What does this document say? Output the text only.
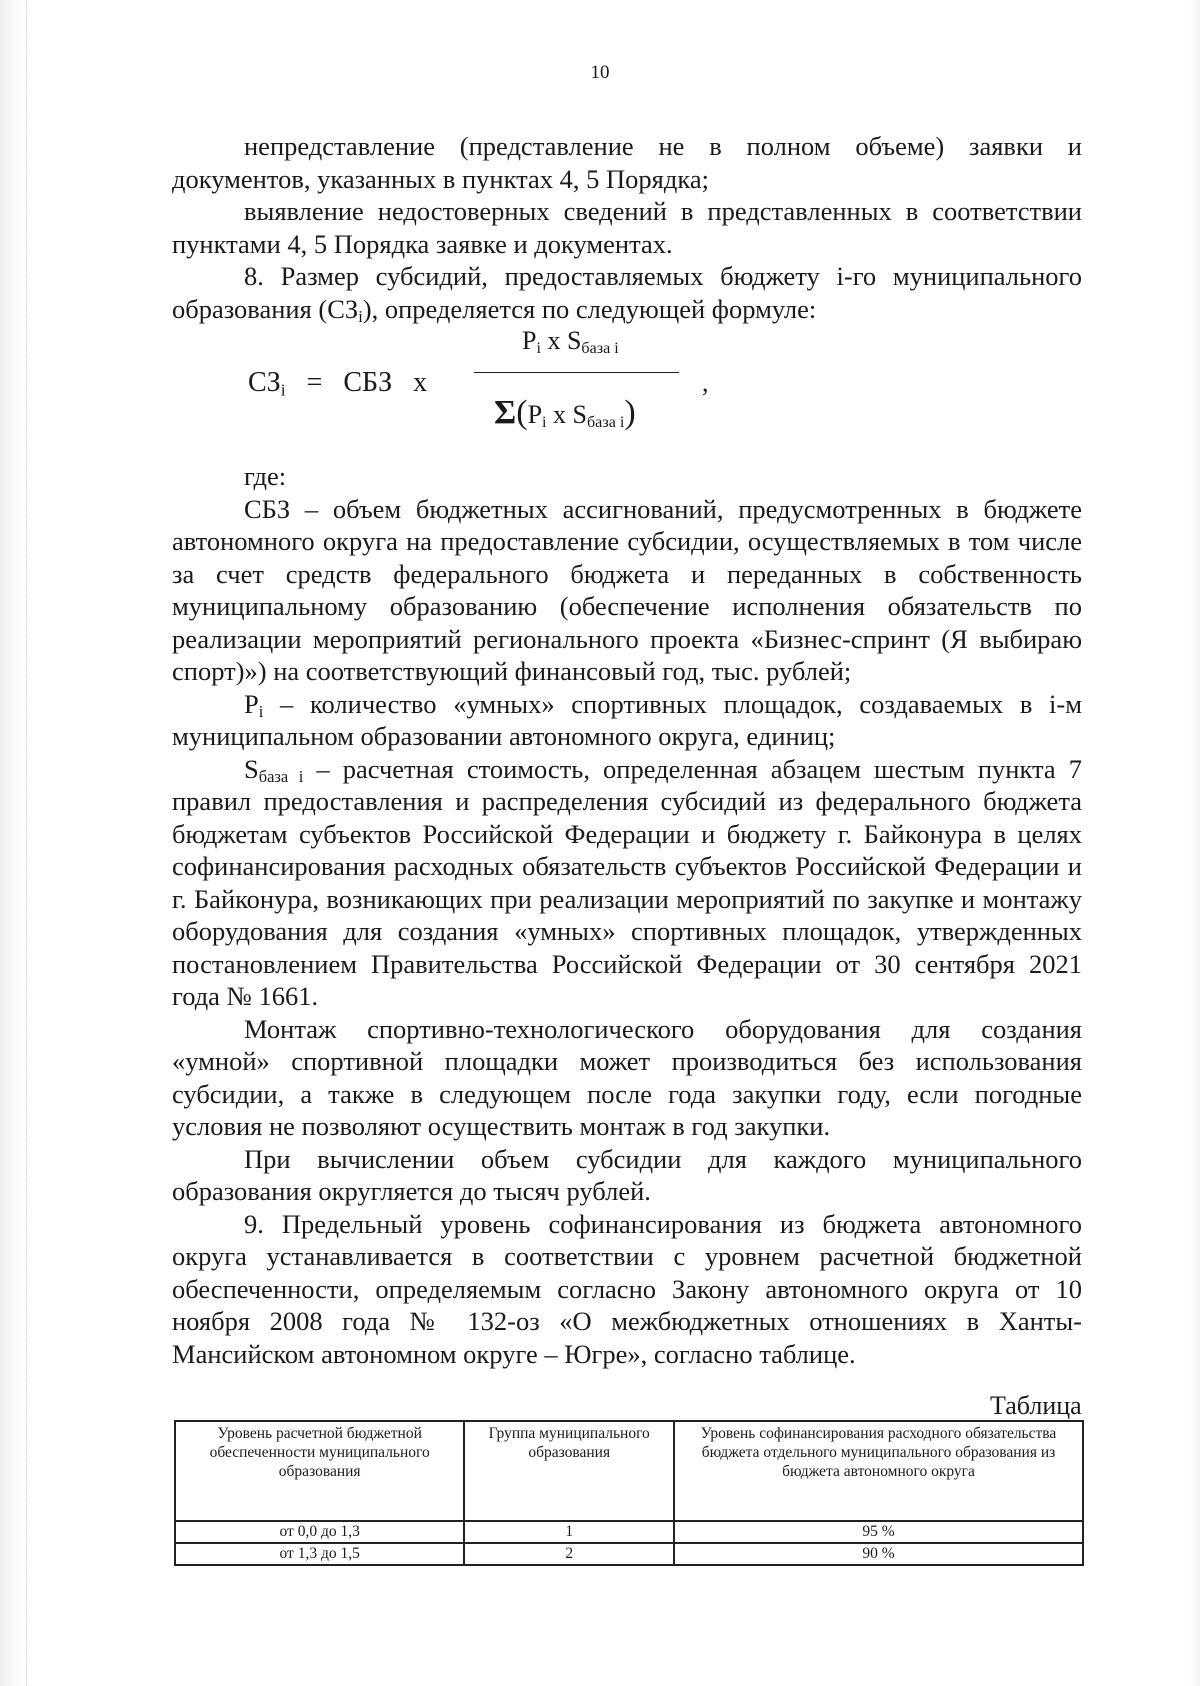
10

непредставление (представление не в полном объеме) заявки и документов, указанных в пунктах 4, 5 Порядка;

выявление недостоверных сведений в представленных в соответствии пунктами 4, 5 Порядка заявке и документах.

8. Размер субсидий, предоставляемых бюджету i-го муниципального образования $(СЗ_i)$, определяется по следующей формуле:

$СЗ_i$ = СБЗ x
$P_i$ x $S_{база i}$
,
$\Sigma(P_i$ x $S_{база i}$)

где:

СБЗ – объем бюджетных ассигнований, предусмотренных в бюджете автономного округа на предоставление субсидии, осуществляемых в том числе за счет средств федерального бюджета и переданных в собственность муниципальному образованию (обеспечение исполнения обязательств по реализации мероприятий регионального проекта «Бизнес-спринт (Я выбираю спорт)») на соответствующий финансовый год, тыс. рублей;

$P_i$ – количество «умных» спортивных площадок, создаваемых в i-м муниципальном образовании автономного округа, единиц;

$S_{база i}$ – расчетная стоимость, определенная абзацем шестым пункта 7 правил предоставления и распределения субсидий из федерального бюджета бюджетам субъектов Российской Федерации и бюджету г. Байконура в целях софинансирования расходных обязательств субъектов Российской Федерации и г. Байконура, возникающих при реализации мероприятий по закупке и монтажу оборудования для создания «умных» спортивных площадок, утвержденных постановлением Правительства Российской Федерации от 30 сентября 2021 года № 1661.

Монтаж спортивно-технологического оборудования для создания «умной» спортивной площадки может производиться без использования субсидии, а также в следующем после года закупки году, если погодные условия не позволяют осуществить монтаж в год закупки.

При вычислении объем субсидии для каждого муниципального образования округляется до тысяч рублей.

9. Предельный уровень софинансирования из бюджета автономного округа устанавливается в соответствии с уровнем расчетной бюджетной обеспеченности, определяемым согласно Закону автономного округа от 10 ноября 2008 года № 132-оз «О межбюджетных отношениях в Ханты-Мансийском автономном округе – Югре», согласно таблице.

Таблица
Уровень расчетной бюджетной обеспеченности муниципального образования	Группа муниципального образования	Уровень софинансирования расходного обязательства бюджета отдельного муниципального образования из бюджета автономного округа
от 0,0 до 1,3	1	95 %
от 1,3 до 1,5	2	90 %
